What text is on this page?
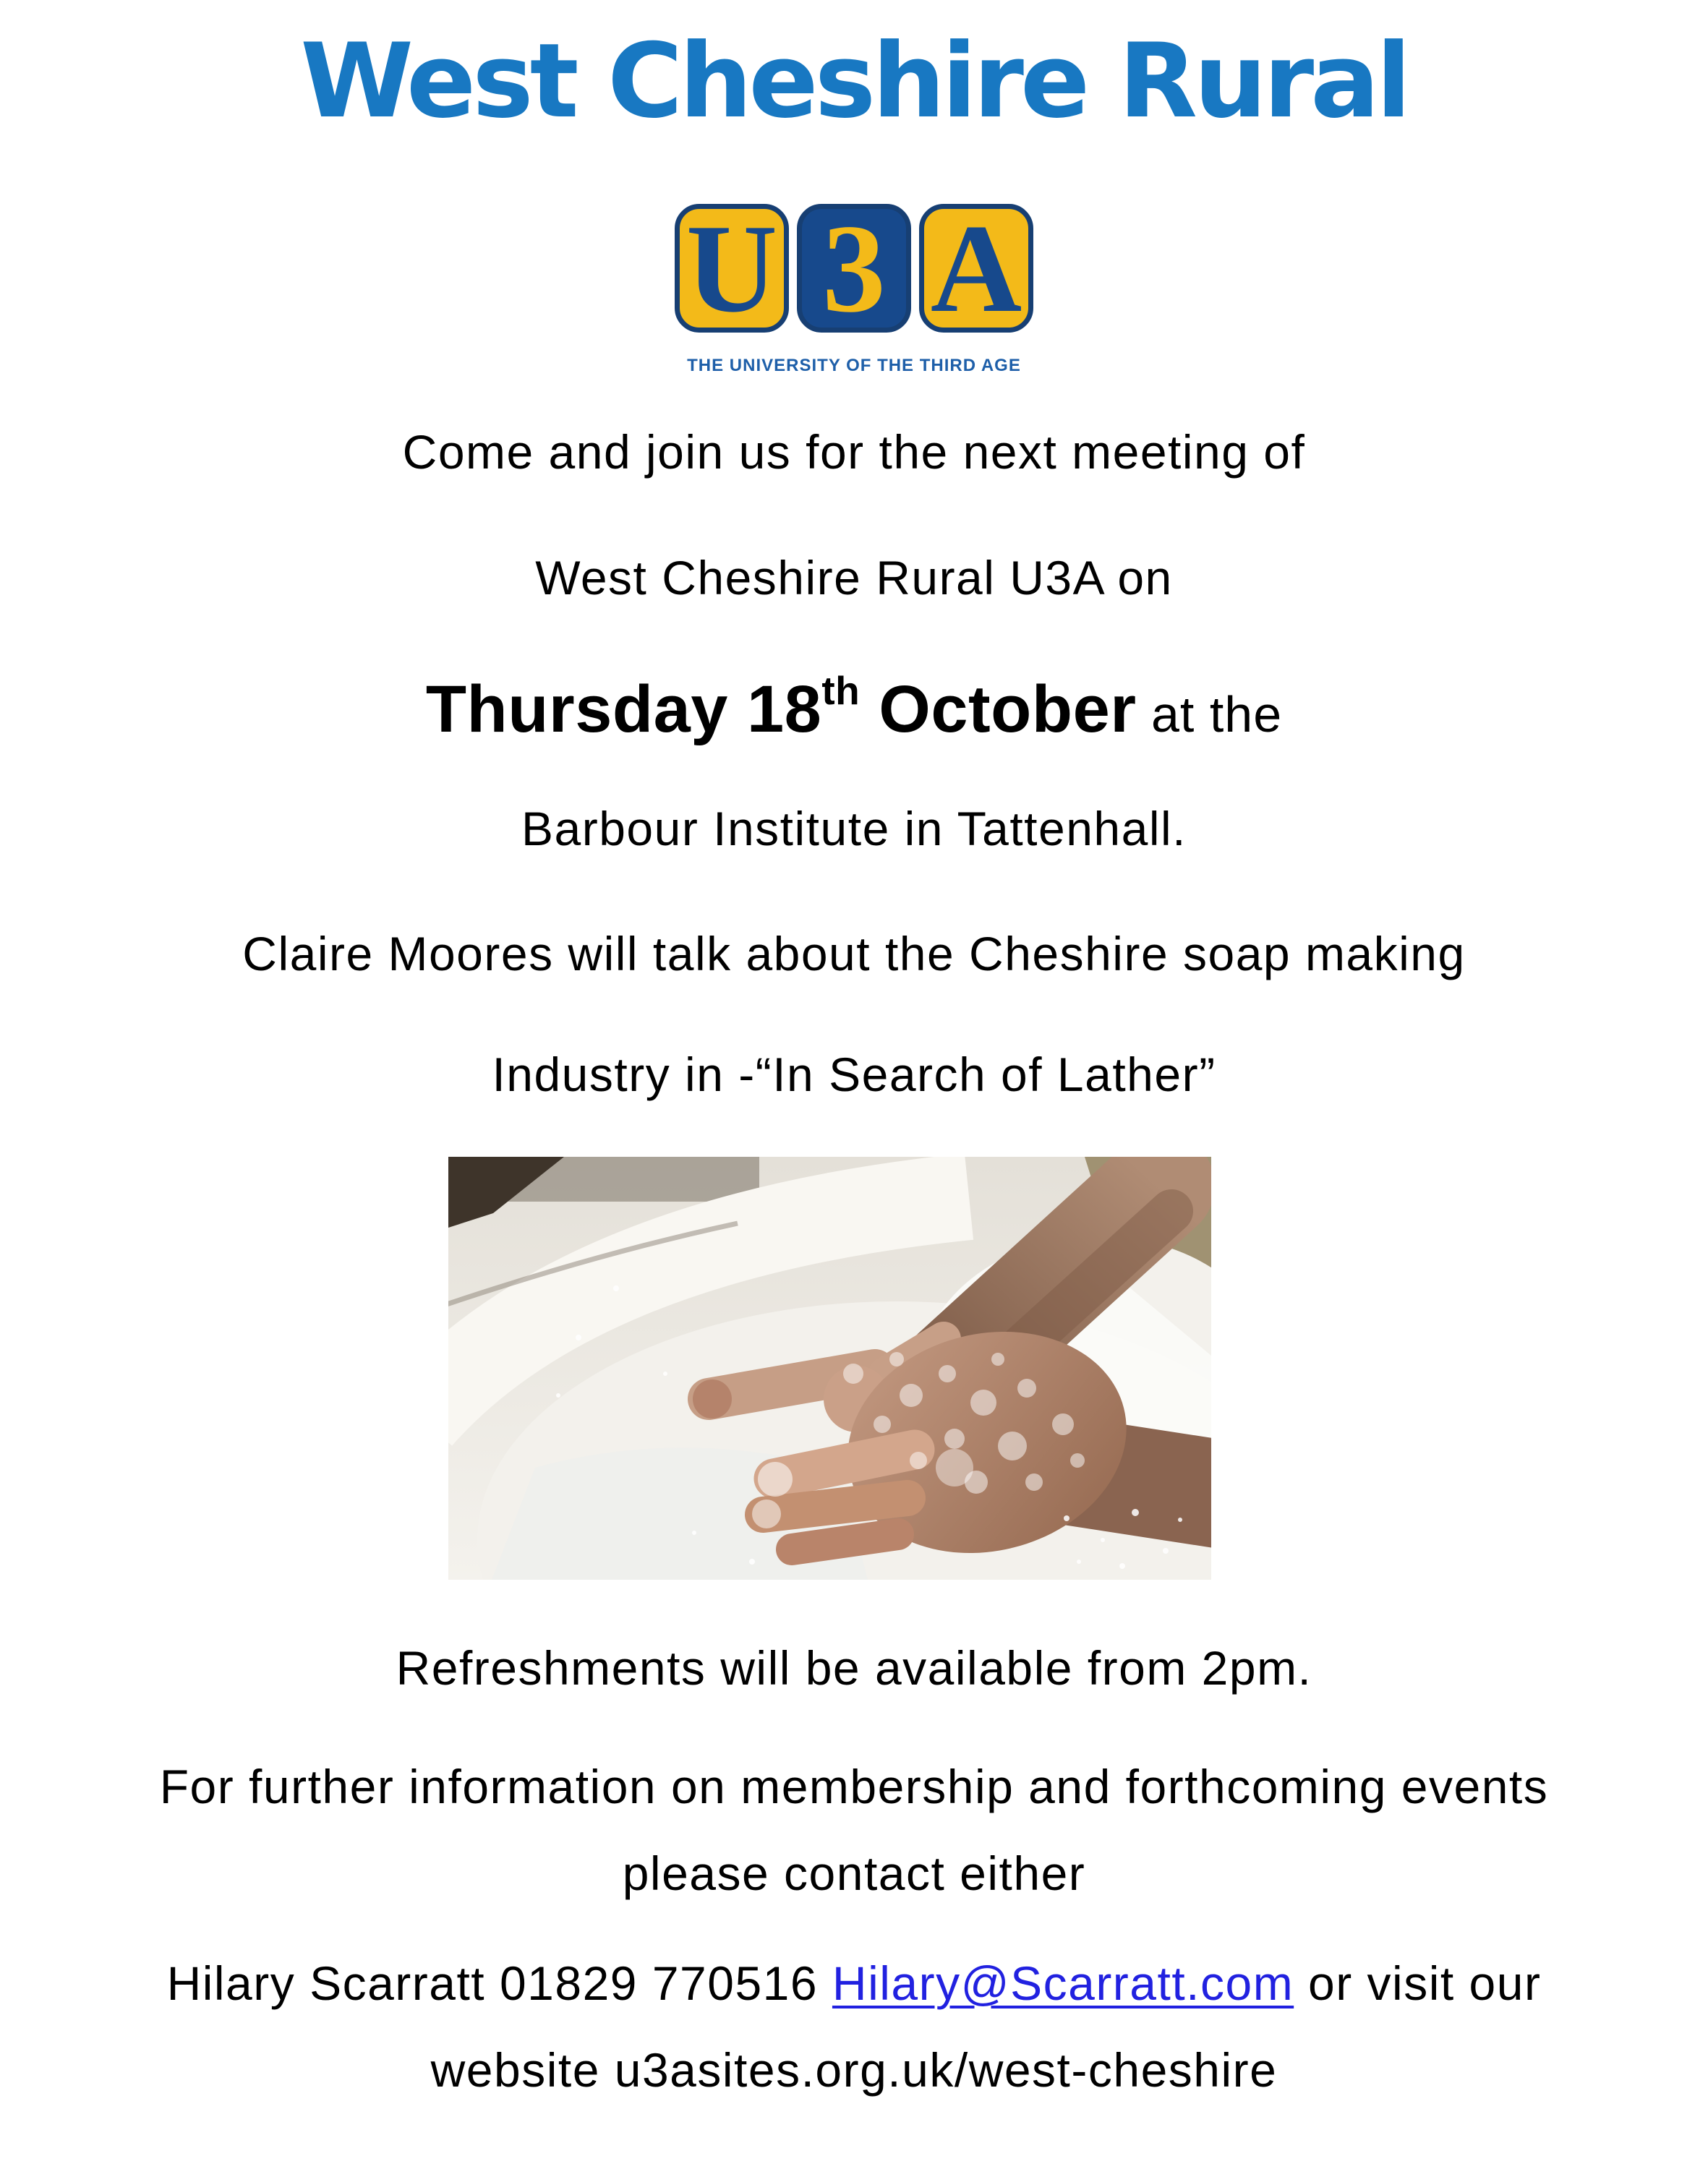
West Cheshire Rural
U 3 A
THE UNIVERSITY OF THE THIRD AGE
Come and join us for the next meeting of
West Cheshire Rural U3A on
Thursday 18th October at the
Barbour Institute in Tattenhall.
Claire Moores will talk about the Cheshire soap making
Industry in -“In Search of Lather”
Refreshments will be available from 2pm.
For further information on membership and forthcoming events
please contact either
Hilary Scarratt 01829 770516 Hilary@Scarratt.com or visit our
website u3asites.org.uk/west-cheshire
